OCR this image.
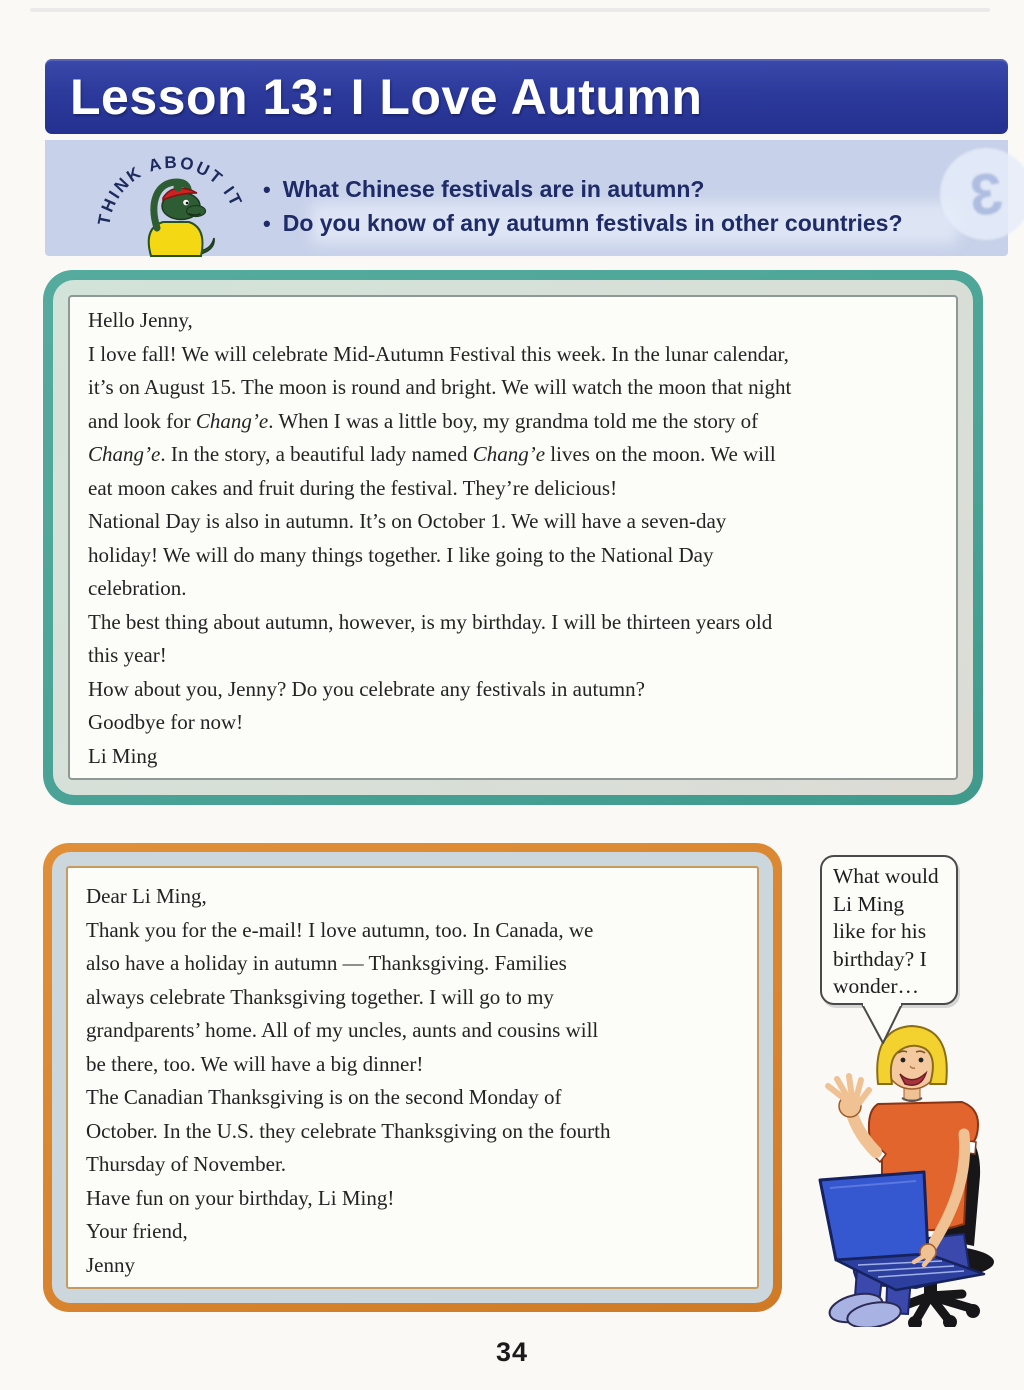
Lesson 13: I Love Autumn
3
THINK ABOUT IT • What Chinese festivals are in autumn?
• Do you know of any autumn festivals in other countries?
Hello Jenny,
I love fall! We will celebrate Mid-Autumn Festival this week. In the lunar calendar,
it’s on August 15. The moon is round and bright. We will watch the moon that night
and look for Chang’e. When I was a little boy, my grandma told me the story of
Chang’e. In the story, a beautiful lady named Chang’e lives on the moon. We will
eat moon cakes and fruit during the festival. They’re delicious!
National Day is also in autumn. It’s on October 1. We will have a seven-day
holiday! We will do many things together. I like going to the National Day
celebration.
The best thing about autumn, however, is my birthday. I will be thirteen years old
this year!
How about you, Jenny? Do you celebrate any festivals in autumn?
Goodbye for now!
Li Ming
Dear Li Ming,
Thank you for the e-mail! I love autumn, too. In Canada, we
also have a holiday in autumn — Thanksgiving. Families
always celebrate Thanksgiving together. I will go to my
grandparents’ home. All of my uncles, aunts and cousins will
be there, too. We will have a big dinner!
The Canadian Thanksgiving is on the second Monday of
October. In the U.S. they celebrate Thanksgiving on the fourth
Thursday of November.
Have fun on your birthday, Li Ming!
Your friend,
Jenny
What would
Li Ming
like for his
birthday? I
wonder…
34
